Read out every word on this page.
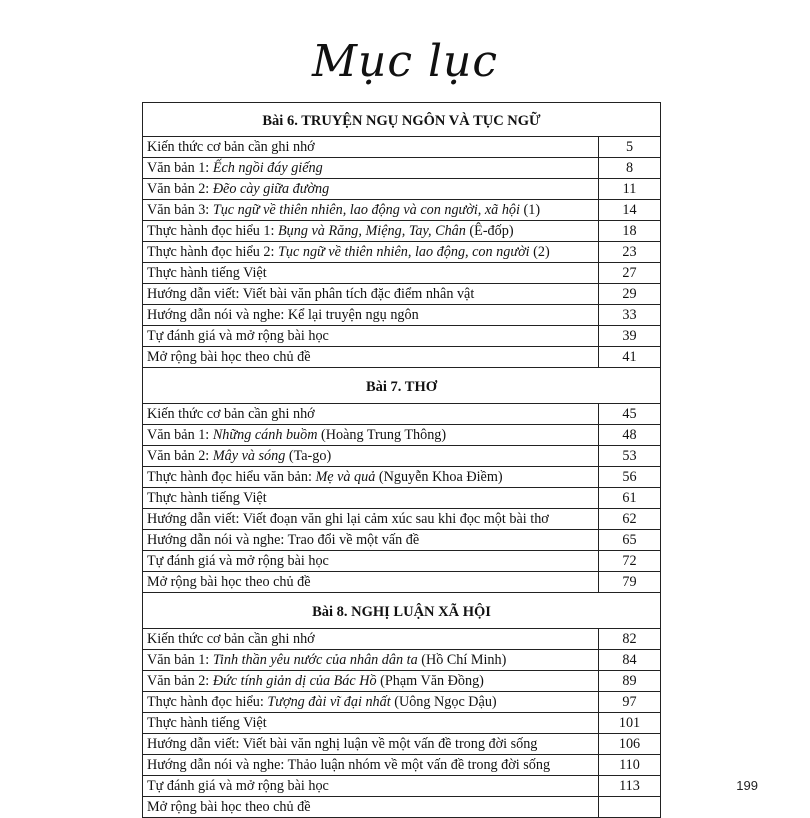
Mục lục
Bài 6. TRUYỆN NGỤ NGÔN VÀ TỤC NGỮ	
Kiến thức cơ bản cần ghi nhớ	5
Văn bản 1: Ếch ngồi đáy giếng	8
Văn bản 2: Đẽo cày giữa đường	11
Văn bản 3: Tục ngữ về thiên nhiên, lao động và con người, xã hội (1)	14
Thực hành đọc hiểu 1: Bụng và Răng, Miệng, Tay, Chân (Ê-đốp)	18
Thực hành đọc hiểu 2: Tục ngữ về thiên nhiên, lao động, con người (2)	23
Thực hành tiếng Việt	27
Hướng dẫn viết: Viết bài văn phân tích đặc điểm nhân vật	29
Hướng dẫn nói và nghe: Kể lại truyện ngụ ngôn	33
Tự đánh giá và mở rộng bài học	39
Mở rộng bài học theo chủ đề	41
Bài 7. THƠ	
Kiến thức cơ bản cần ghi nhớ	45
Văn bản 1: Những cánh buồm (Hoàng Trung Thông)	48
Văn bản 2: Mây và sóng (Ta-go)	53
Thực hành đọc hiểu văn bản: Mẹ và quả (Nguyễn Khoa Điềm)	56
Thực hành tiếng Việt	61
Hướng dẫn viết: Viết đoạn văn ghi lại cảm xúc sau khi đọc một bài thơ	62
Hướng dẫn nói và nghe: Trao đổi về một vấn đề	65
Tự đánh giá và mở rộng bài học	72
Mở rộng bài học theo chủ đề	79
Bài 8. NGHỊ LUẬN XÃ HỘI	
Kiến thức cơ bản cần ghi nhớ	82
Văn bản 1: Tinh thần yêu nước của nhân dân ta (Hồ Chí Minh)	84
Văn bản 2: Đức tính giản dị của Bác Hồ (Phạm Văn Đồng)	89
Thực hành đọc hiểu: Tượng đài vĩ đại nhất (Uông Ngọc Dậu)	97
Thực hành tiếng Việt	101
Hướng dẫn viết: Viết bài văn nghị luận về một vấn đề trong đời sống	106
Hướng dẫn nói và nghe: Thảo luận nhóm về một vấn đề trong đời sống	110
Tự đánh giá và mở rộng bài học	113
Mở rộng bài học theo chủ đề	
199
